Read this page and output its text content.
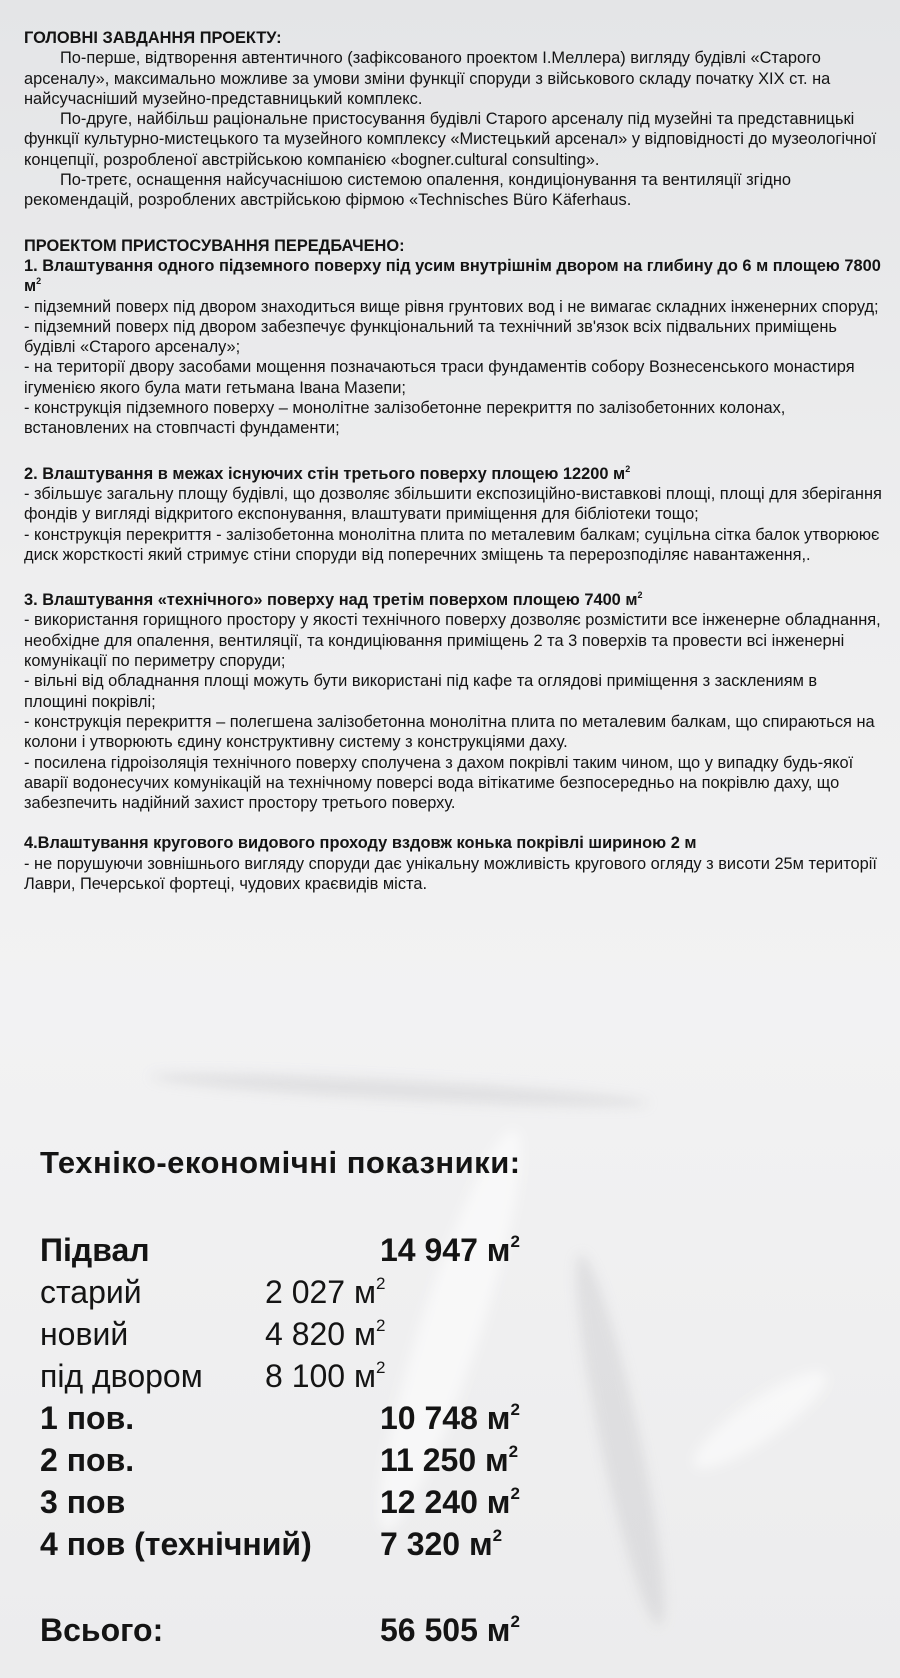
ГОЛОВНІ ЗАВДАННЯ ПРОЕКТУ:

По-перше, відтворення автентичного (зафіксованого проектом І.Меллера) вигляду будівлі «Старого арсеналу», максимально можливе за умови зміни функції споруди з військового складу початку XIX ст. на найсучасніший музейно-представницький комплекс.

По-друге, найбільш раціональне пристосування будівлі Старого арсеналу під музейні та представницькі функції культурно-мистецького та музейного комплексу «Мистецький арсенал» у відповідності до музеологічної концепції, розробленої австрійською компанією «bogner.cultural consulting».

По-третє, оснащення найсучаснішою системою опалення, кондиціонування та вентиляції згідно рекомендацій, розроблених австрійською фірмою «Technisches Büro Käferhaus.

ПРОЕКТОМ ПРИСТОСУВАННЯ ПЕРЕДБАЧЕНО:

1. Влаштування одного підземного поверху під усим внутрішнім двором на глибину до 6 м площею 7800 $м^2$

- підземний поверх під двором знаходиться вище рівня грунтових вод і не вимагає складних інженерних споруд;

- підземний поверх під двором забезпечує функціональний та технічний зв'язок всіх підвальних приміщень будівлі «Старого арсеналу»;

- на території двору засобами мощення позначаються траси фундаментів собору Вознесенського монастиря ігуменією якого була мати гетьмана Івана Мазепи;

- конструкція підземного поверху – монолітне залізобетонне перекриття по залізобетонних колонах, встановлених на стовпчасті фундаменти;

2. Влаштування в межах існуючих стін третього поверху площею 12200 $м^2$

- збільшує загальну площу будівлі, що дозволяє збільшити експозиційно-виставкові площі, площі для зберігання фондів у вигляді відкритого експонування, влаштувати приміщення для бібліотеки тощо;

- конструкція перекриття - залізобетонна монолітна плита по металевим балкам; суцільна сітка балок утворюює диск жорсткості який стримує стіни споруди від поперечних зміщень та перерозподіляє навантаження,.

3. Влаштування «технічного» поверху над третім поверхом площею 7400 $м^2$

- використання горищного простору у якості технічного поверху дозволяє розмістити все інженерне обладнання, необхідне для опалення, вентиляції, та кондиціювання приміщень 2 та 3 поверхів та провести всі інженерні комунікації по периметру споруди;

- вільні від обладнання площі можуть бути використані під кафе та оглядові приміщення з засклениям в площині покрівлі;

- конструкція перекриття – полегшена залізобетонна монолітна плита по металевим балкам, що спираються на колони і утворюють єдину конструктивну систему з конструкціями даху.

- посилена гідроізоляція технічного поверху сполучена з дахом покрівлі таким чином, що у випадку будь-якої аварії водонесучих комунікацій на технічному поверсі вода вітікатиме безпосередньо на покрівлю даху, що забезпечить надійний захист простору третього поверху.

4.Влаштування кругового видового проходу вздовж конька покрівлі шириною 2 м

- не порушуючи зовнішнього вигляду споруди дає унікальну можливість кругового огляду з висоти 25м території Лаври, Печерської фортеці, чудових краєвидів міста.

Техніко-економічні показники:

Підвал	14 947 $м^2$
старий	2 027 $м^2$
новий	4 820 $м^2$
під двором 8 100 $м^2$
1 пов.	10 748 $м^2$
2 пов.	11 250 $м^2$
3 пов	12 240 $м^2$
4 пов (технічний) 7 320 $м^2$
Всього:	56 505 $м^2$
